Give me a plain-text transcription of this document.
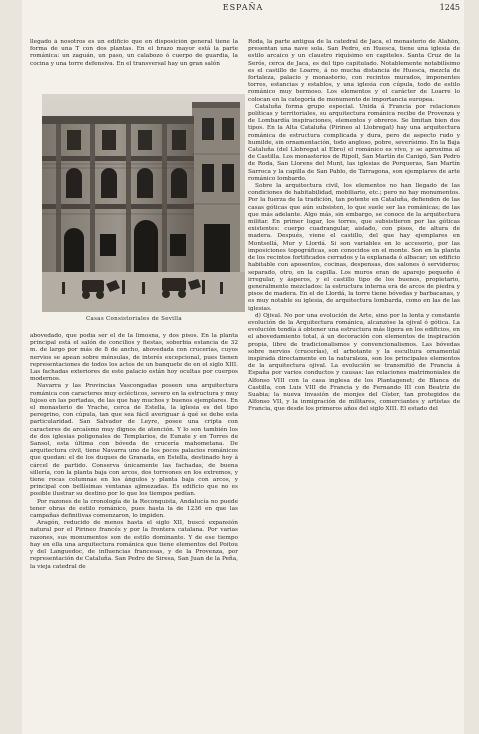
ESPAÑA	1245

llegado á nosotros es un edificio que en disposición general tiene la forma de una T con dos plantas. En el brazo mayor está la parte románica: un zaguán, un paso, un calabozo ó cuerpo de guardia, la cocina y una torre defensiva. En el transversal hay un gran salón

Casas Consistoriales de Sevilla

abovedado, que podía ser el de la limosna, y dos pisos. En la planta principal está el salón de concilios y fiestas, soberbia estancia de 32 m. de largo por más de 8 de ancho, abovedada con crucerías, cuyos nervios se apean sobre ménsulas, de interés excepcional, pues tienen representaciones de todos los actos de un banquete de en el siglo XIII. Las fachadas exteriores de este palacio están hoy ocultas por cuerpos modernos.

Navarra y las Provincias Vascongadas poseen una arquitectura románica con caracteres muy eclécticos, severo en la estructura y muy lujoso en las portadas, de las que hay muchos y buenos ejemplares. En el monasterio de Yrache, cerca de Estella, la iglesia es del tipo peregrino, con cúpula, tan que sea fácil averiguar á qué se debe esta particularidad. San Salvador de Leyre, posee una cripta con caracteres de arcaísmo muy dignos de atención. Y lo son también los de dos iglesias poligonales de Templarios, de Eunate y en Torres de Sansol, esta última con bóveda de crucería mahometana. De arquitectura civil, tiene Navarra uno de los pocos palacios románicos que quedan: el de los duques de Granada, en Estella, destinado hoy á cárcel de partido. Conserva únicamente las fachadas, de buena sillería, con la planta baja con arcos, dos torreones en los extremos, y tiene rocas columnas en los ángulos y planta baja con arcos, y principal con bellísimas ventanas ajimezadas. Es edificio que no es posible ilustrar su destino por lo que los tiempos pedían.

Por razones de la cronología de la Reconquista, Andalucía no puede tener obras de estilo románico, pues hasta la de 1236 en que las campañas definitivas comenzaron, lo impiden.

Aragón, reducido de menos hasta el siglo XII, buscó expansión natural por el Pirineo francés y por la frontera catalana. Por varias razones, sus monumentos son de estilo dominante. Y de ese tiempo hay en ella una arquitectura románica que tiene elementos del Poitou y del Languedoc, de influencias francesas, y de la Provenza, por representación de Cataluña. San Pedro de Siresa, San Juan de la Peña, la vieja catedral de

Roda, la parte antigua de la catedral de Jaca, el monasterio de Alahón, presentan una nave sola. San Pedro, en Huesca, tiene una iglesia de estilo arcaico y un claustro riquísimo en capiteles. Santa Cruz de la Serós, cerca de Jaca, es del tipo capitulado. Notablemente notabilísimo es el castillo de Loarre, á no mucha distancia de Huesca, mezcla de fortaleza, palacio y monasterio, con recintos murados, imponentes torres, estancias y establos, y una iglesia con cúpula, todo de estilo románico muy hermoso. Los elementos y el carácter de Loarre lo colocan en la categoría de monumento de importancia europea.

Cataluña forma grupo especial. Unida á Francia por relaciones políticas y territoriales, su arquitectura románica recibe de Provenza y de Lombardía inspiraciones, elementos y obreros. Se limitan bien dos tipos. En la Alta Cataluña (Pirineo al Llobregat) hay una arquitectura románica de estructura complicada y dura, pero de aspecto rudo y humilde, sin ornamentación, todo angloso, pobre, severísimo. En la Baja Cataluña (del Llobregat al Ebro) el románico es vivo, y se aproxima al de Castilla. Los monasterios de Ripoll, San Martín de Canigó, San Pedro de Roda, San Llorens del Munt, las iglesias de Porqueras, San Martín Sarroca y la capilla de San Pablo, de Tarragona, son ejemplares de arte románico lombardo.

Sobre la arquitectura civil, los elementos no han llegado de las condiciones de habitabilidad, mobiliario, etc.; pero no hay monumentos. Por la fuerza de la tradición, tan potente en Cataluña, defienden de las casas góticas que aún subsisten, lo que suele ser las románicas; de las que más adelante. Algo más, sin embargo, se conoce de la arquitectura militar. En primer lugar, los torres, que subsistieron por las góticas existentes: cuerpo cuadrangular, aislado, con pisos, de altura de madera. Después, viene el castillo, del que hay ejemplares en Montsellá, Mur y Llordá. Si son variables en lo accesorio, por las imposiciones topográficas, son conocidos en el monte. Son en la planta de los recintos fortificados cerrados y la explanada ó albacar; un edificio habitable con aposentos, cocinas, despensas, dos salones ó servideros; separado, otro, en la capilla. Los muros eran de aparejo pequeño é irregular, y ásperos, y el castillo tipo de los buenos, propietario, generalmente mezclados: la estructura interna era de arcos de piedra y pisos de madera. En el de Llordá, la torre tiene bóvedas y barbacanas, y es muy notable su iglesia, de arquitectura lombarda, como en las de las iglesias.

d) Ojival. No por una evolución de Arte, sino por la lenta y constante evolución de la Arquitectura románica, alcanzóse la ojival ó gótica. La evolución tendía á obtener una estructura más ligera en los edificios, en el abovedamiento total, á un decoración con elementos de inspiración propia, libre de tradicionalismos y convencionalismos. Las bóvedas sobre nervios (crucerías), el arbotante y la escultura ornamental inspirada directamente en la naturaleza, son los principales elementos de la arquitectura ojival. La evolución se transmitió de Francia á España por varios conductos y causas: las relaciones matrimoniales de Alfonso VIII con la casa inglesa de los Plantagenet; de Blanca de Castilla, con Luis VIII de Francia y de Fernando III con Beatriz de Suabia; la nueva invasión de monjes del Císter, tan protegidos de Alfonso VII, y la inmigración de militares, comerciantes y artistas de Francia, que desde los primeros años del siglo XIII. El estado del
